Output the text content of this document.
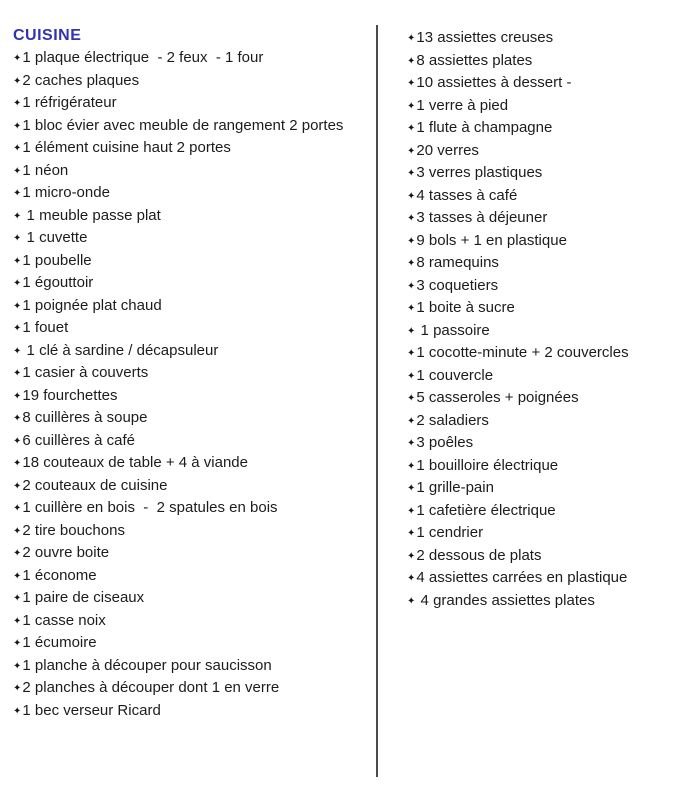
CUISINE
✦1 plaque électrique  - 2 feux  - 1 four
✦2 caches plaques
✦1 réfrigérateur
✦1 bloc évier avec meuble de rangement 2 portes
✦1 élément cuisine haut 2 portes
✦1 néon
✦1 micro-onde
✦ 1 meuble passe plat
✦ 1 cuvette
✦1 poubelle
✦1 égouttoir
✦1 poignée plat chaud
✦1 fouet
✦ 1 clé à sardine / décapsuleur
✦1 casier à couverts
✦19 fourchettes
✦8 cuillères à soupe
✦6 cuillères à café
✦18 couteaux de table + 4 à viande
✦2 couteaux de cuisine
✦1 cuillère en bois  -  2 spatules en bois
✦2 tire bouchons
✦2 ouvre boite
✦1 économe
✦1 paire de ciseaux
✦1 casse noix
✦1 écumoire
✦1 planche à découper pour saucisson
✦2 planches à découper dont 1 en verre
✦1 bec verseur Ricard
✦13 assiettes creuses
✦8 assiettes plates
✦10 assiettes à dessert -
✦1 verre à pied
✦1 flute à champagne
✦20 verres
✦3 verres plastiques
✦4 tasses à café
✦3 tasses à déjeuner
✦9 bols + 1 en plastique
✦8 ramequins
✦3 coquetiers
✦1 boite à sucre
✦ 1 passoire
✦1 cocotte-minute + 2 couvercles
✦1 couvercle
✦5 casseroles + poignées
✦2 saladiers
✦3 poêles
✦1 bouilloire électrique
✦1 grille-pain
✦1 cafetière électrique
✦1 cendrier
✦2 dessous de plats
✦4 assiettes carrées en plastique
✦ 4 grandes assiettes plates
